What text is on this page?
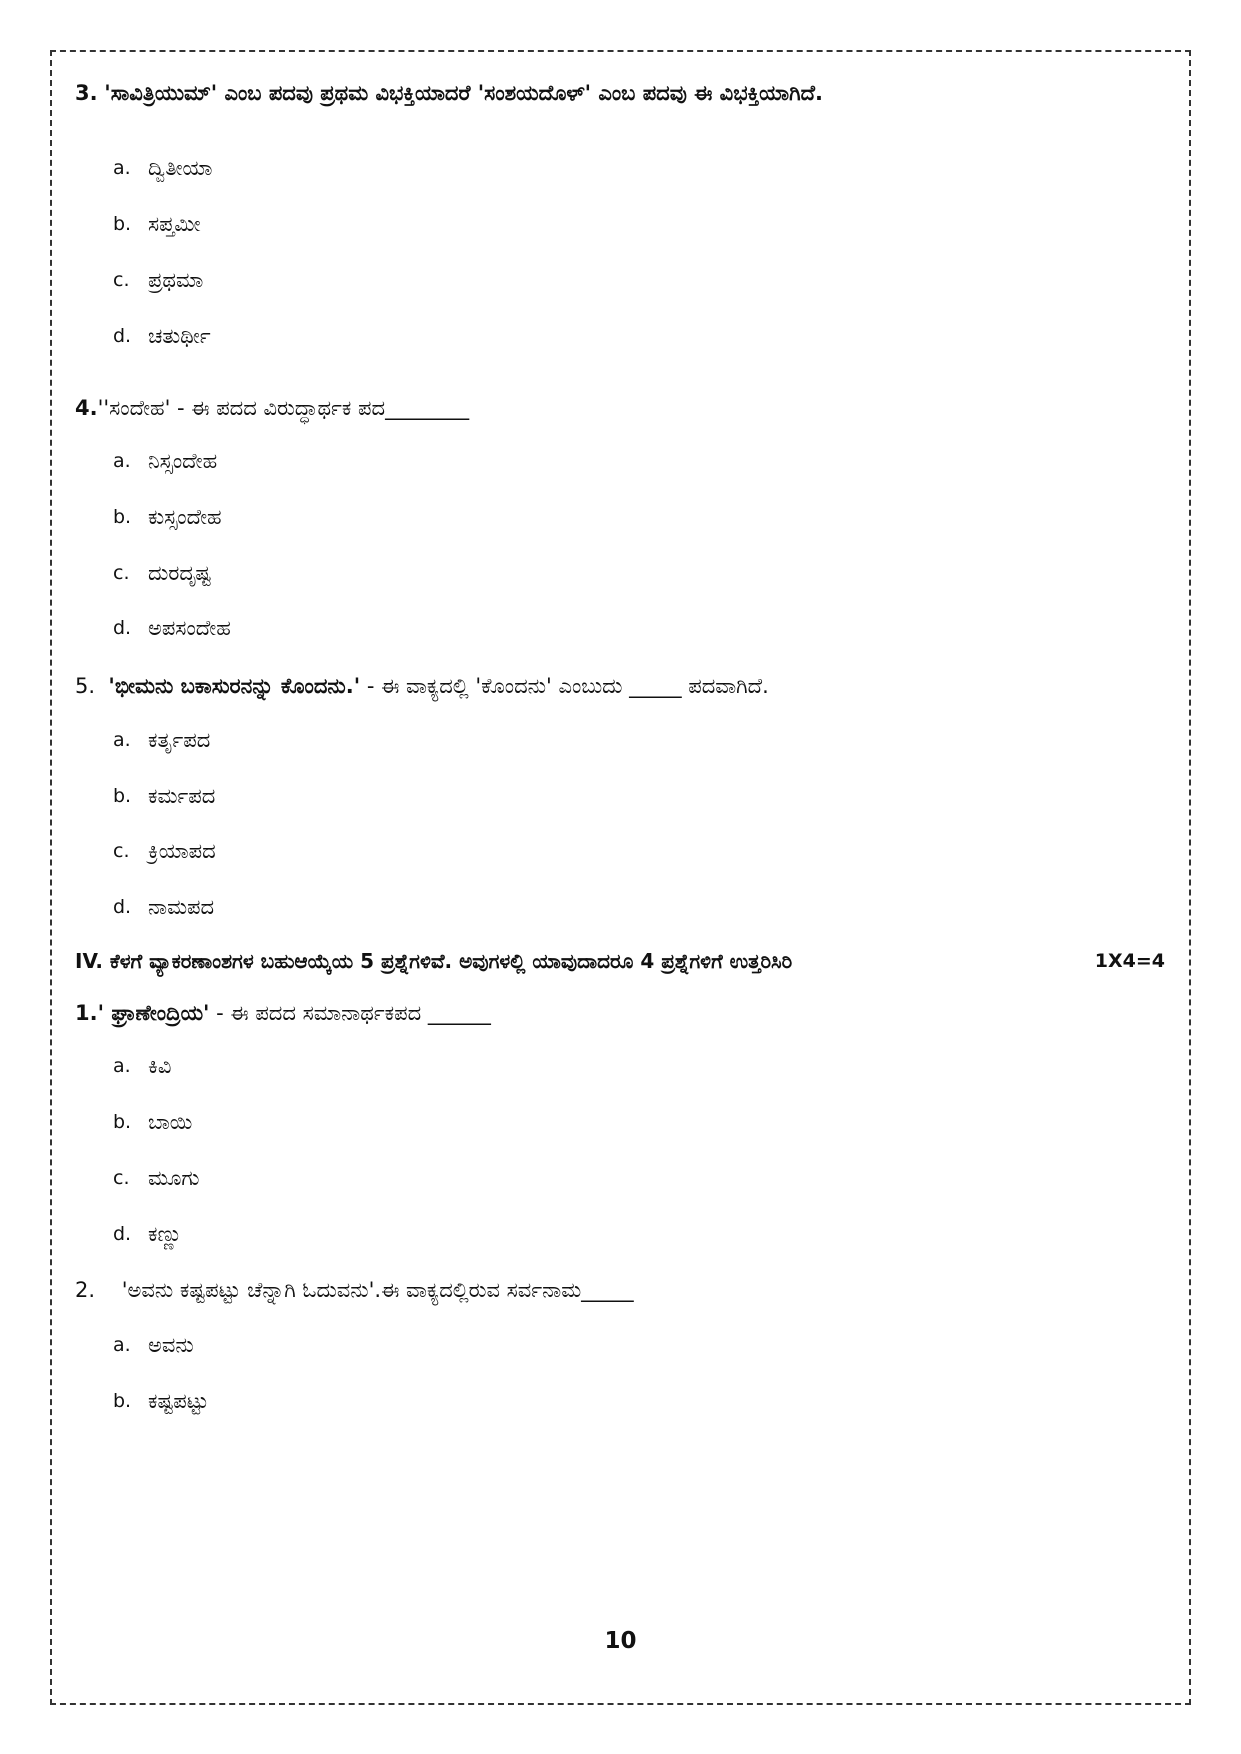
3. 'ಸಾವಿತ್ರಿಯುಮ್' ಎಂಬ ಪದವು ಪ್ರಥಮ ವಿಭಕ್ತಿಯಾದರೆ 'ಸಂಶಯದೊಳ್' ಎಂಬ ಪದವು ಈ ವಿಭಕ್ತಿಯಾಗಿದೆ.
a. ದ್ವಿತೀಯಾ
b. ಸಪ್ತಮೀ
c. ಪ್ರಥಮಾ
d. ಚತುರ್ಥೀ
4.''ಸಂದೇಹ' - ಈ ಪದದ ವಿರುದ್ಧಾರ್ಥಕ ಪದ________
a. ನಿಸ್ಸಂದೇಹ
b. ಕುಸ್ಸಂದೇಹ
c. ದುರದೃಷ್ಟ
d. ಅಪಸಂದೇಹ
5. 'ಭೀಮನು ಬಕಾಸುರನನ್ನು ಕೊಂದನು.' - ಈ ವಾಕ್ಯದಲ್ಲಿ 'ಕೊಂದನು' ಎಂಬುದು _____ ಪದವಾಗಿದೆ.
a. ಕರ್ತೃಪದ
b. ಕರ್ಮಪದ
c. ಕ್ರಿಯಾಪದ
d. ನಾಮಪದ
IV. ಕೆಳಗೆ ವ್ಯಾಕರಣಾಂಶಗಳ ಬಹುಆಯ್ಕೆಯ 5 ಪ್ರಶ್ನೆಗಳಿವೆ. ಅವುಗಳಲ್ಲಿ ಯಾವುದಾದರೂ 4 ಪ್ರಶ್ನೆಗಳಿಗೆ ಉತ್ತರಿಸಿರಿ	1X4=4
1.' ಘ್ರಾಣೇಂದ್ರಿಯ' - ಈ ಪದದ ಸಮಾನಾರ್ಥಕಪದ ______
a. ಕಿವಿ
b. ಬಾಯಿ
c. ಮೂಗು
d. ಕಣ್ಣು
2. 'ಅವನು ಕಷ್ಟಪಟ್ಟು ಚೆನ್ನಾಗಿ ಓದುವನು'.ಈ ವಾಕ್ಯದಲ್ಲಿರುವ ಸರ್ವನಾಮ_____
a. ಅವನು
b. ಕಷ್ಟಪಟ್ಟು
10
